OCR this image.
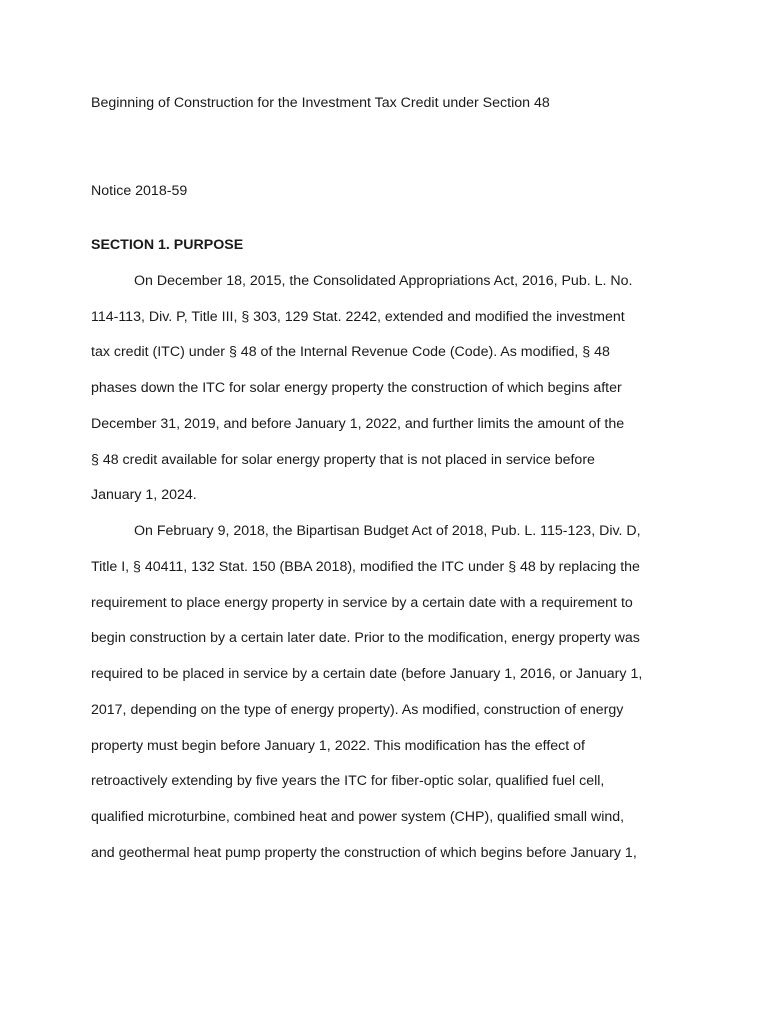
Beginning of Construction for the Investment Tax Credit under Section 48
Notice 2018-59
SECTION 1. PURPOSE
On December 18, 2015, the Consolidated Appropriations Act, 2016, Pub. L. No.
114-113, Div. P, Title III, § 303, 129 Stat. 2242, extended and modified the investment
tax credit (ITC) under § 48 of the Internal Revenue Code (Code). As modified, § 48
phases down the ITC for solar energy property the construction of which begins after
December 31, 2019, and before January 1, 2022, and further limits the amount of the
§ 48 credit available for solar energy property that is not placed in service before
January 1, 2024.
On February 9, 2018, the Bipartisan Budget Act of 2018, Pub. L. 115-123, Div. D,
Title I, § 40411, 132 Stat. 150 (BBA 2018), modified the ITC under § 48 by replacing the
requirement to place energy property in service by a certain date with a requirement to
begin construction by a certain later date. Prior to the modification, energy property was
required to be placed in service by a certain date (before January 1, 2016, or January 1,
2017, depending on the type of energy property). As modified, construction of energy
property must begin before January 1, 2022. This modification has the effect of
retroactively extending by five years the ITC for fiber-optic solar, qualified fuel cell,
qualified microturbine, combined heat and power system (CHP), qualified small wind,
and geothermal heat pump property the construction of which begins before January 1,
